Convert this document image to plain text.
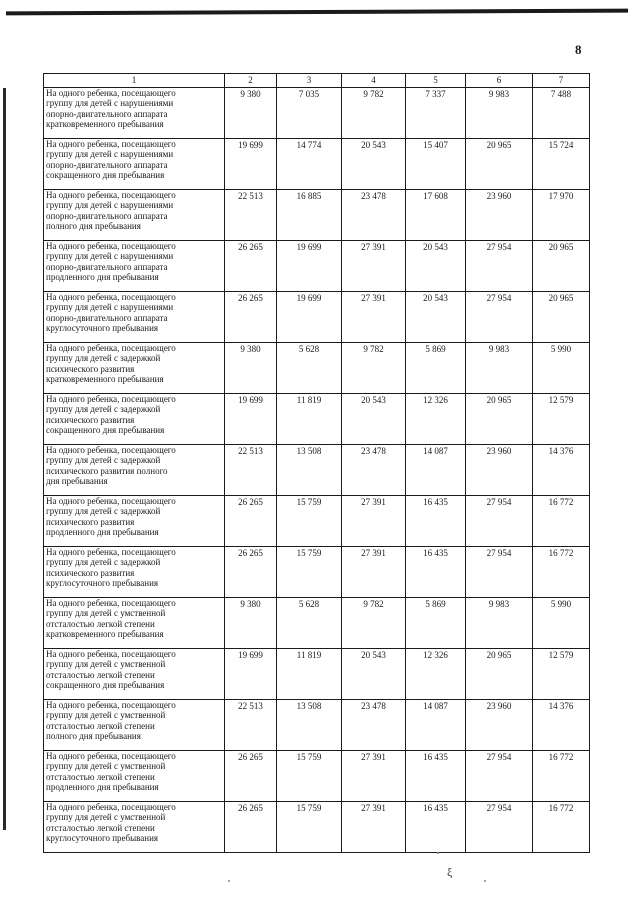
8
1	2	3	4	5	6	7

На одного ребенка, посещающего
группу для детей с нарушениями
опорно-двигательного аппарата
кратковременного пребывания	9 380	7 035	9 782	7 337	9 983	7 488

На одного ребенка, посещающего
группу для детей с нарушениями
опорно-двигательного аппарата
сокращенного дня пребывания	19 699	14 774	20 543	15 407	20 965	15 724

На одного ребенка, посещающего
группу для детей с нарушениями
опорно-двигательного аппарата
полного дня пребывания	22 513	16 885	23 478	17 608	23 960	17 970

На одного ребенка, посещающего
группу для детей с нарушениями
опорно-двигательного аппарата
продленного дня пребывания	26 265	19 699	27 391	20 543	27 954	20 965

На одного ребенка, посещающего
группу для детей с нарушениями
опорно-двигательного аппарата
круглосуточного пребывания	26 265	19 699	27 391	20 543	27 954	20 965

На одного ребенка, посещающего
группу для детей с задержкой
психического развития
кратковременного пребывания	9 380	5 628	9 782	5 869	9 983	5 990

На одного ребенка, посещающего
группу для детей с задержкой
психического развития
сокращенного дня пребывания	19 699	11 819	20 543	12 326	20 965	12 579

На одного ребенка, посещающего
группу для детей с задержкой
психического развития полного
дня пребывания	22 513	13 508	23 478	14 087	23 960	14 376

На одного ребенка, посещающего
группу для детей с задержкой
психического развития
продленного дня пребывания	26 265	15 759	27 391	16 435	27 954	16 772

На одного ребенка, посещающего
группу для детей с задержкой
психического развития
круглосуточного пребывания	26 265	15 759	27 391	16 435	27 954	16 772

На одного ребенка, посещающего
группу для детей с умственной
отсталостью легкой степени
кратковременного пребывания	9 380	5 628	9 782	5 869	9 983	5 990

На одного ребенка, посещающего
группу для детей с умственной
отсталостью легкой степени
сокращенного дня пребывания	19 699	11 819	20 543	12 326	20 965	12 579

На одного ребенка, посещающего
группу для детей с умственной
отсталостью легкой степени
полного дня пребывания	22 513	13 508	23 478	14 087	23 960	14 376

На одного ребенка, посещающего
группу для детей с умственной
отсталостью легкой степени
продленного дня пребывания	26 265	15 759	27 391	16 435	27 954	16 772

На одного ребенка, посещающего
группу для детей с умственной
отсталостью легкой степени
круглосуточного пребывания	26 265	15 759	27 391	16 435	27 954	16 772
ξ
